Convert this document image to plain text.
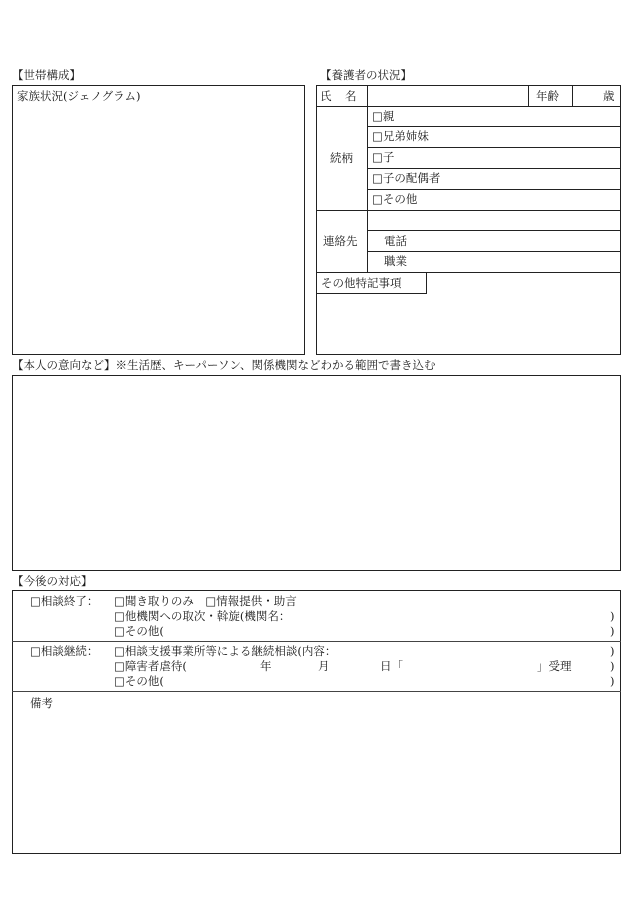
【世帯構成】
家族状況(ジェノグラム)
【養護者の状況】
氏　名	年齢	歳
続柄
□親
□兄弟姉妹
□子
□子の配偶者
□その他
連絡先 電話
職業
その他特記事項
【本人の意向など】※生活歴、キーパーソン、関係機関などわかる範囲で書き込む
【今後の対応】
□相談終了： □聞き取りのみ　□情報提供・助言
□他機関への取次・斡旋(機関名：	)
□その他(	)
□相談継続： □相談支援事業所等による継続相談(内容：	)
□障害者虐待(	年	月	日「	」受理	)
□その他(	)
備考
